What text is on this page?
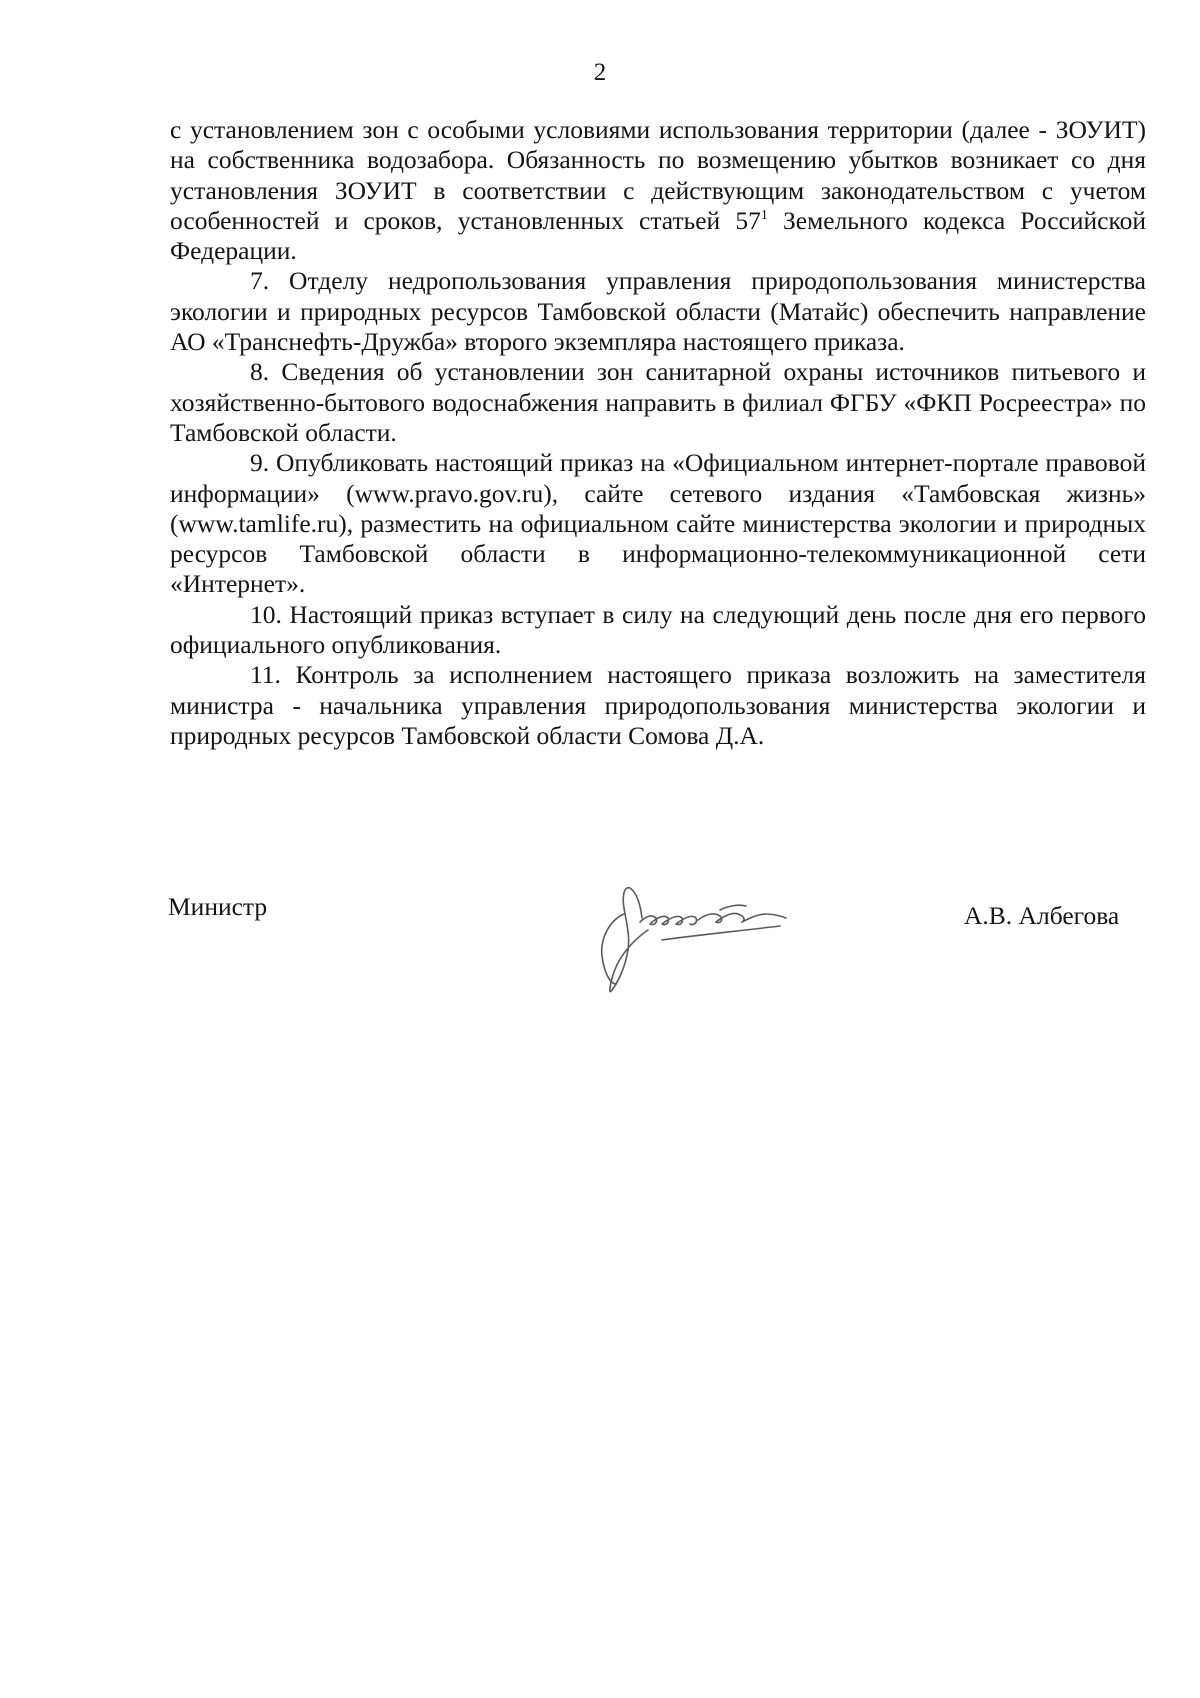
2

с установлением зон с особыми условиями использования территории (далее - ЗОУИТ) на собственника водозабора. Обязанность по возмещению убытков возникает со дня установления ЗОУИТ в соответствии с действующим законодательством с учетом особенностей и сроков, установленных статьей $57^1$ Земельного кодекса Российской Федерации.

7. Отделу недропользования управления природопользования министерства экологии и природных ресурсов Тамбовской области (Матайс) обеспечить направление АО «Транснефть-Дружба» второго экземпляра настоящего приказа.

8. Сведения об установлении зон санитарной охраны источников питьевого и хозяйственно-бытового водоснабжения направить в филиал ФГБУ «ФКП Росреестра» по Тамбовской области.

9. Опубликовать настоящий приказ на «Официальном интернет-портале правовой информации» (www.pravo.gov.ru), сайте сетевого издания «Тамбовская жизнь» (www.tamlife.ru), разместить на официальном сайте министерства экологии и природных ресурсов Тамбовской области в информационно-телекоммуникационной сети «Интернет».

10. Настоящий приказ вступает в силу на следующий день после дня его первого официального опубликования.

11. Контроль за исполнением настоящего приказа возложить на заместителя министра - начальника управления природопользования министерства экологии и природных ресурсов Тамбовской области Сомова Д.А.

Министр	А.В. Албегова
